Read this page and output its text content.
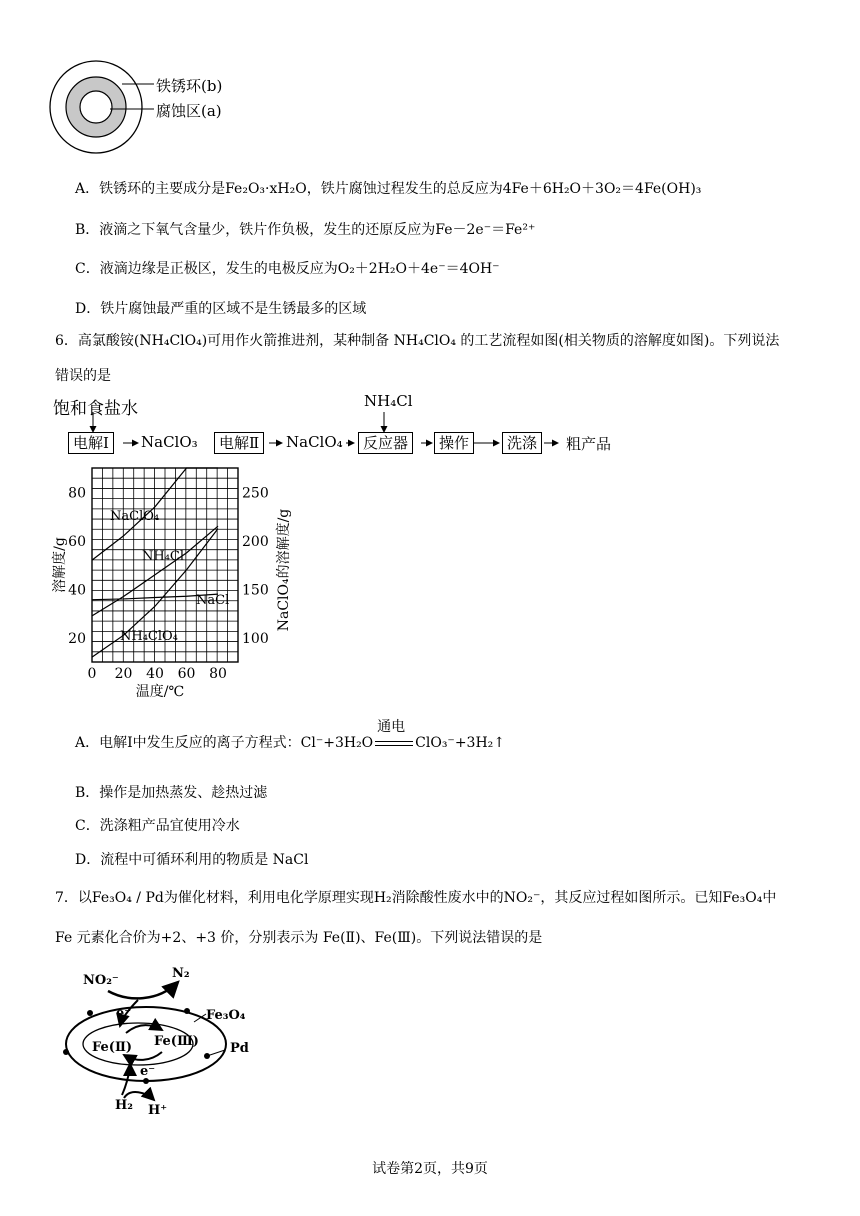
铁锈环(b)
腐蚀区(a)
A．铁锈环的主要成分是Fe₂O₃·xH₂O，铁片腐蚀过程发生的总反应为4Fe＋6H₂O＋3O₂＝4Fe(OH)₃
B．液滴之下氧气含量少，铁片作负极，发生的还原反应为Fe－2e⁻＝Fe²⁺
C．液滴边缘是正极区，发生的电极反应为O₂＋2H₂O＋4e⁻＝4OH⁻
D．铁片腐蚀最严重的区域不是生锈最多的区域
6．高氯酸铵(NH₄ClO₄)可用作火箭推进剂，某种制备 NH₄ClO₄ 的工艺流程如图(相关物质的溶解度如图)。下列说法
错误的是
饱和食盐水	NH₄Cl
电解Ⅰ	NaClO₃	电解Ⅱ	NaClO₄	反应器	操作	洗涤	粗产品
0 20 40 60 80
20
40
60
80
100
150
200
250
温度/℃
溶解度/g	NaClO₄的溶解度/g
NaClO₄
NH₄Cl
NaCl
NH₄ClO₄
A．电解Ⅰ中发生反应的离子方程式：Cl⁻+3H₂O
通电
ClO₃⁻+3H₂↑
B．操作是加热蒸发、趁热过滤
C．洗涤粗产品宜使用冷水
D．流程中可循环利用的物质是 NaCl
7．以Fe₃O₄ / Pd为催化材料，利用电化学原理实现H₂消除酸性废水中的NO₂⁻，其反应过程如图所示。已知Fe₃O₄中
Fe 元素化合价为+2、+3 价，分别表示为 Fe(Ⅱ)、Fe(Ⅲ)。下列说法错误的是
NO₂⁻	N₂
Fe₃O₄
e⁻
Fe(Ⅱ) Fe(Ⅲ) Pd
e⁻
H₂ H⁺
试卷第2页，共9页
